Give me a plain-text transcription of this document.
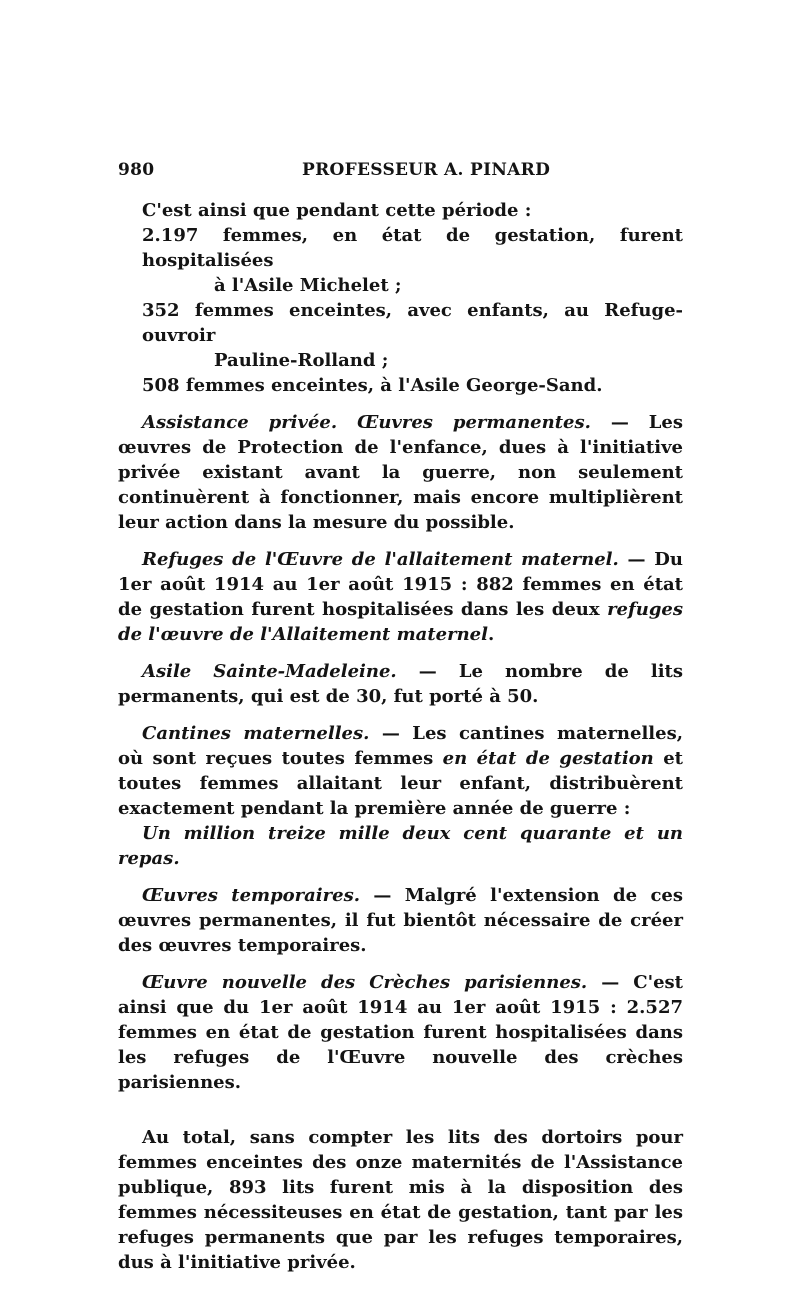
980	PROFESSEUR A. PINARD

C'est ainsi que pendant cette période :

2.197 femmes, en état de gestation, furent hospitalisées

à l'Asile Michelet ;

352 femmes enceintes, avec enfants, au Refuge-ouvroir

Pauline-Rolland ;

508 femmes enceintes, à l'Asile George-Sand.

Assistance privée. Œuvres permanentes. — Les œuvres de Protection de l'enfance, dues à l'initiative privée existant avant la guerre, non seulement continuèrent à fonctionner, mais encore multiplièrent leur action dans la mesure du possible.

Refuges de l'Œuvre de l'allaitement maternel. — Du 1er août 1914 au 1er août 1915 : 882 femmes en état de gestation furent hospitalisées dans les deux refuges de l'œuvre de l'Allaitement maternel.

Asile Sainte-Madeleine. — Le nombre de lits permanents, qui est de 30, fut porté à 50.

Cantines maternelles. — Les cantines maternelles, où sont reçues toutes femmes en état de gestation et toutes femmes allaitant leur enfant, distribuèrent exactement pendant la première année de guerre :

Un million treize mille deux cent quarante et un repas.

Œuvres temporaires. — Malgré l'extension de ces œuvres permanentes, il fut bientôt nécessaire de créer des œuvres temporaires.

Œuvre nouvelle des Crèches parisiennes. — C'est ainsi que du 1er août 1914 au 1er août 1915 : 2.527 femmes en état de gestation furent hospitalisées dans les refuges de l'Œuvre nouvelle des crèches parisiennes.

Au total, sans compter les lits des dortoirs pour femmes enceintes des onze maternités de l'Assistance publique, 893 lits furent mis à la disposition des femmes nécessiteuses en état de gestation, tant par les refuges permanents que par les refuges temporaires, dus à l'initiative privée.
